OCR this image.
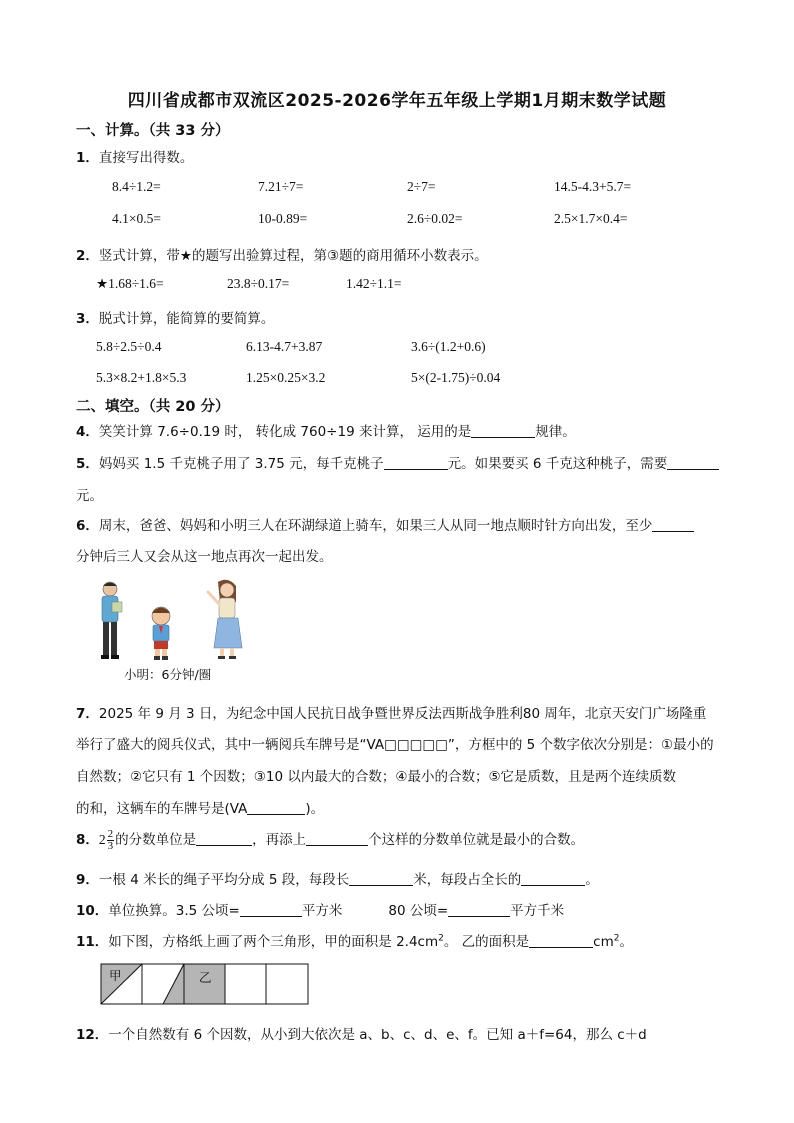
四川省成都市双流区2025-2026学年五年级上学期1月期末数学试题
一、计算。（共 33 分）
1．直接写出得数。
8.4÷1.2=	7.21÷7=	2÷7=	14.5-4.3+5.7=
4.1×0.5=	10-0.89=	2.6÷0.02=	2.5×1.7×0.4=
2．竖式计算，带★的题写出验算过程，第③题的商用循环小数表示。
★1.68÷1.6=	23.8÷0.17=	1.42÷1.1=
3．脱式计算，能简算的要简算。
5.8÷2.5÷0.4	6.13-4.7+3.87	3.6÷(1.2+0.6)
5.3×8.2+1.8×5.3	1.25×0.25×3.2	5×(2-1.75)÷0.04
二、填空。（共 20 分）
4．笑笑计算 7.6÷0.19 时， 转化成 760÷19 来计算， 运用的是	规律。
5．妈妈买 1.5 千克桃子用了 3.75 元，每千克桃子	元。如果要买 6 千克这种桃子，需要
元。
6．周末，爸爸、妈妈和小明三人在环湖绿道上骑车，如果三人从同一地点顺时针方向出发，至少
分钟后三人又会从这一地点再次一起出发。
小明：6分钟/圈
7．2025 年 9 月 3 日，为纪念中国人民抗日战争暨世界反法西斯战争胜利80 周年，北京天安门广场隆重
举行了盛大的阅兵仪式，其中一辆阅兵车牌号是“VA□□□□□”，方框中的 5 个数字依次分别是：①最小的
自然数；②它只有 1 个因数；③10 以内最大的合数；④最小的合数；⑤它是质数，且是两个连续质数
的和，这辆车的车牌号是(VA	)。
8．$2 \frac{2}{3}$ 的分数单位是	，再添上	个这样的分数单位就是最小的合数。
9．一根 4 米长的绳子平均分成 5 段，每段长	米，每段占全长的	。
10．单位换算。3.5 公顷=	平方米	80 公顷=	平方千米
11．如下图，方格纸上画了两个三角形，甲的面积是 $2.4cm^2$。 乙的面积是	$cm^2$。
甲	乙
12．一个自然数有 6 个因数，从小到大依次是 a、b、c、d、e、f。已知 a＋f=64，那么 c＋d
